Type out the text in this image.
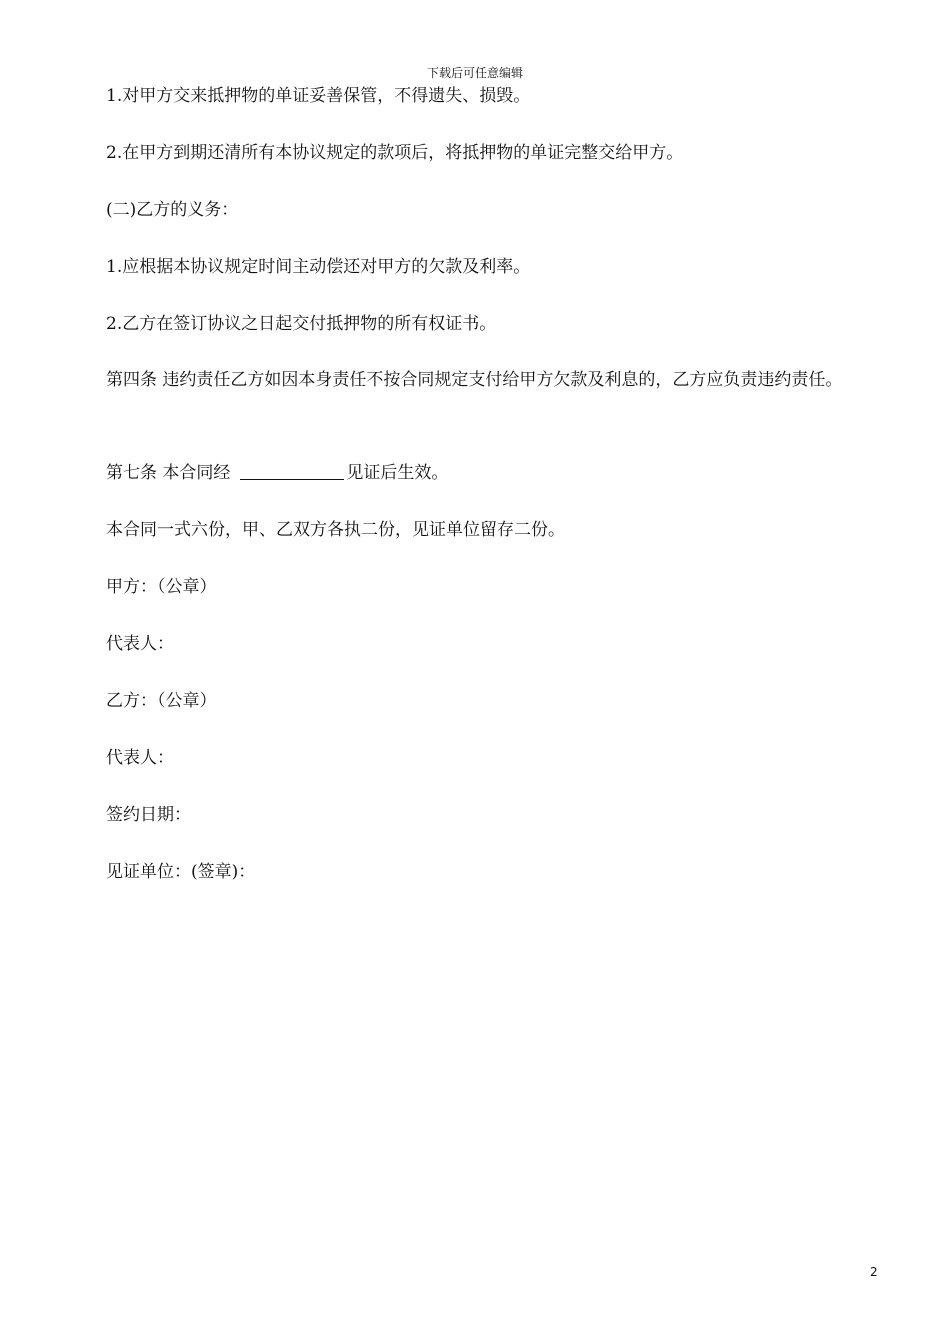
下载后可任意编辑
1.对甲方交来抵押物的单证妥善保管，不得遗失、损毁。
2.在甲方到期还清所有本协议规定的款项后，将抵押物的单证完整交给甲方。
(二)乙方的义务：
1.应根据本协议规定时间主动偿还对甲方的欠款及利率。
2.乙方在签订协议之日起交付抵押物的所有权证书。
第四条 违约责任乙方如因本身责任不按合同规定支付给甲方欠款及利息的，乙方应负责违约责任。
第七条 本合同经	见证后生效。
本合同一式六份，甲、乙双方各执二份，见证单位留存二份。
甲方：（公章）
代表人：
乙方：（公章）
代表人：
签约日期：
见证单位：(签章)：
2
